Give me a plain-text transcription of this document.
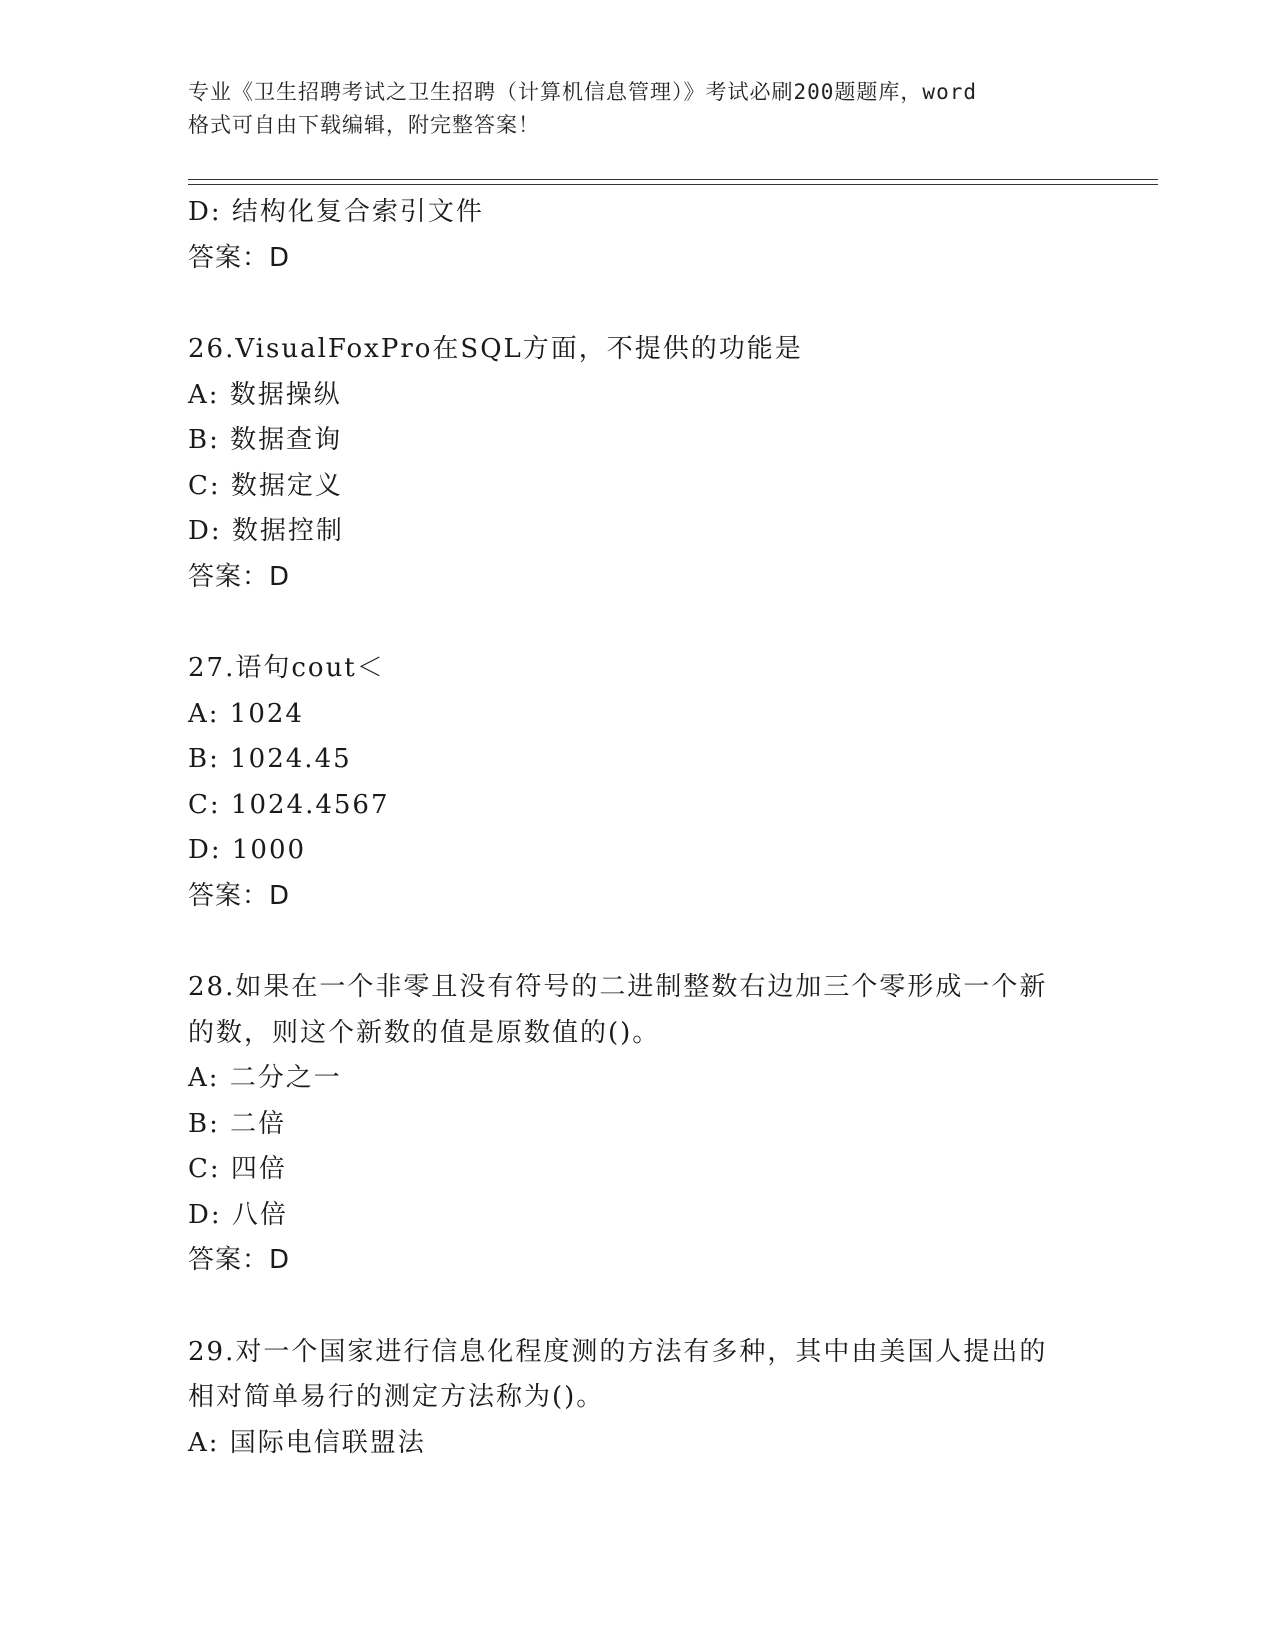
专业《卫生招聘考试之卫生招聘（计算机信息管理）》考试必刷200题题库，word
格式可自由下载编辑，附完整答案！
D: 结构化复合索引文件
答案：D
26.VisualFoxPro在SQL方面，不提供的功能是
A: 数据操纵
B: 数据查询
C: 数据定义
D: 数据控制
答案：D
27.语句cout＜
A: 1024
B: 1024.45
C: 1024.4567
D: 1000
答案：D
28.如果在一个非零且没有符号的二进制整数右边加三个零形成一个新
的数，则这个新数的值是原数值的()。
A: 二分之一
B: 二倍
C: 四倍
D: 八倍
答案：D
29.对一个国家进行信息化程度测的方法有多种，其中由美国人提出的
相对简单易行的测定方法称为()。
A: 国际电信联盟法
